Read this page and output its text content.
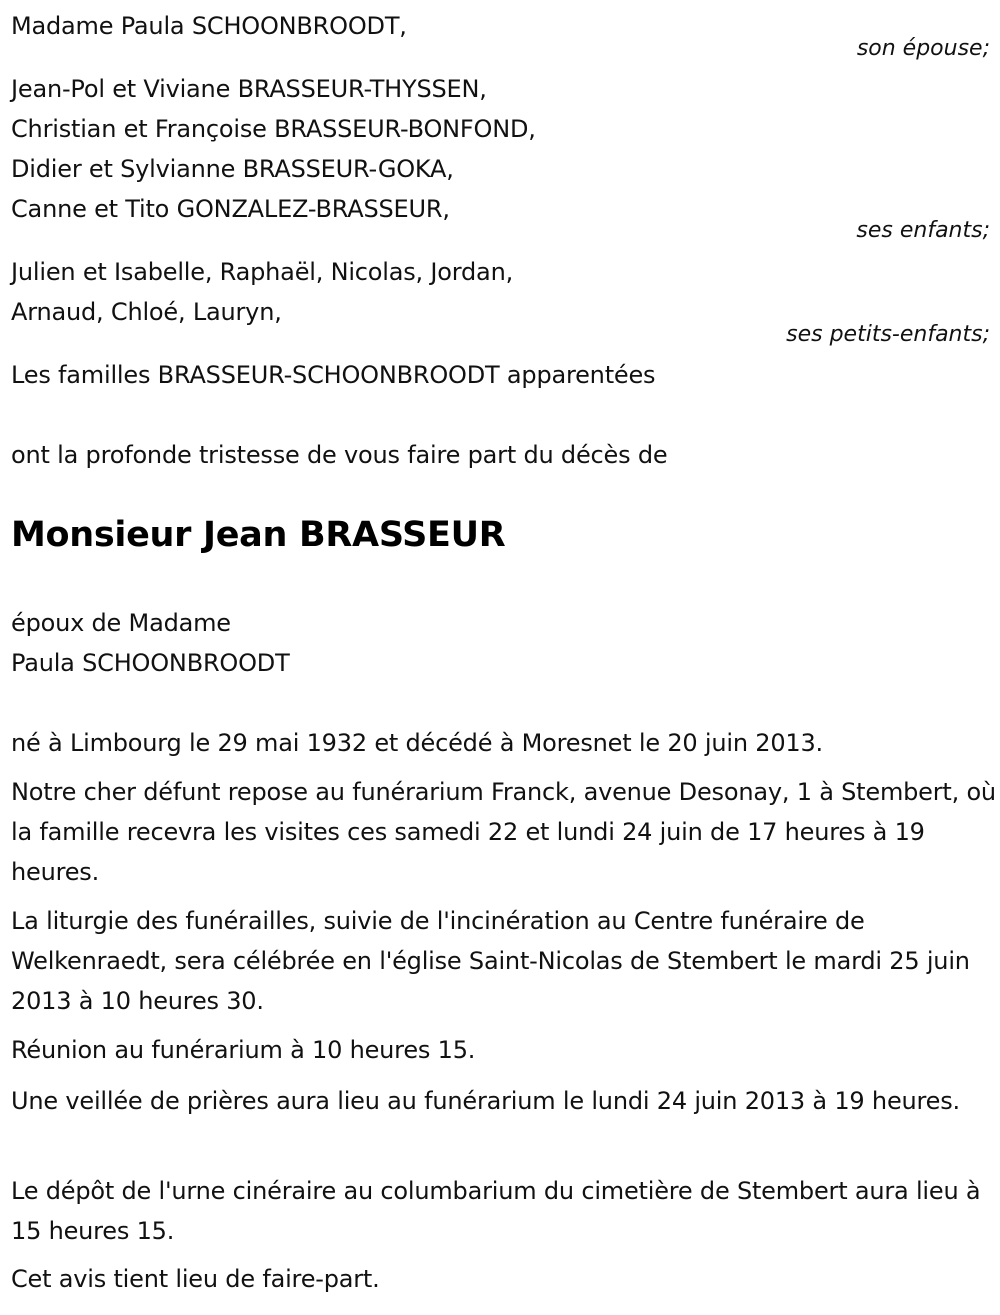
Madame Paula SCHOONBROODT,
son épouse;
Jean-Pol et Viviane BRASSEUR-THYSSEN,
Christian et Françoise BRASSEUR-BONFOND,
Didier et Sylvianne BRASSEUR-GOKA,
Canne et Tito GONZALEZ-BRASSEUR,
ses enfants;
Julien et Isabelle, Raphaël, Nicolas, Jordan,
Arnaud, Chloé, Lauryn,
ses petits-enfants;
Les familles BRASSEUR-SCHOONBROODT apparentées
ont la profonde tristesse de vous faire part du décès de
Monsieur Jean BRASSEUR
époux de Madame
Paula SCHOONBROODT
né à Limbourg le 29 mai 1932 et décédé à Moresnet le 20 juin 2013.
Notre cher défunt repose au funérarium Franck, avenue Desonay, 1 à Stembert, où la famille recevra les visites ces samedi 22 et lundi 24 juin de 17 heures à 19 heures.
La liturgie des funérailles, suivie de l'incinération au Centre funéraire de Welkenraedt, sera célébrée en l'église Saint-Nicolas de Stembert le mardi 25 juin 2013 à 10 heures 30.
Réunion au funérarium à 10 heures 15.
Une veillée de prières aura lieu au funérarium le lundi 24 juin 2013 à 19 heures.
Le dépôt de l'urne cinéraire au columbarium du cimetière de Stembert aura lieu à 15 heures 15.
Cet avis tient lieu de faire-part.
